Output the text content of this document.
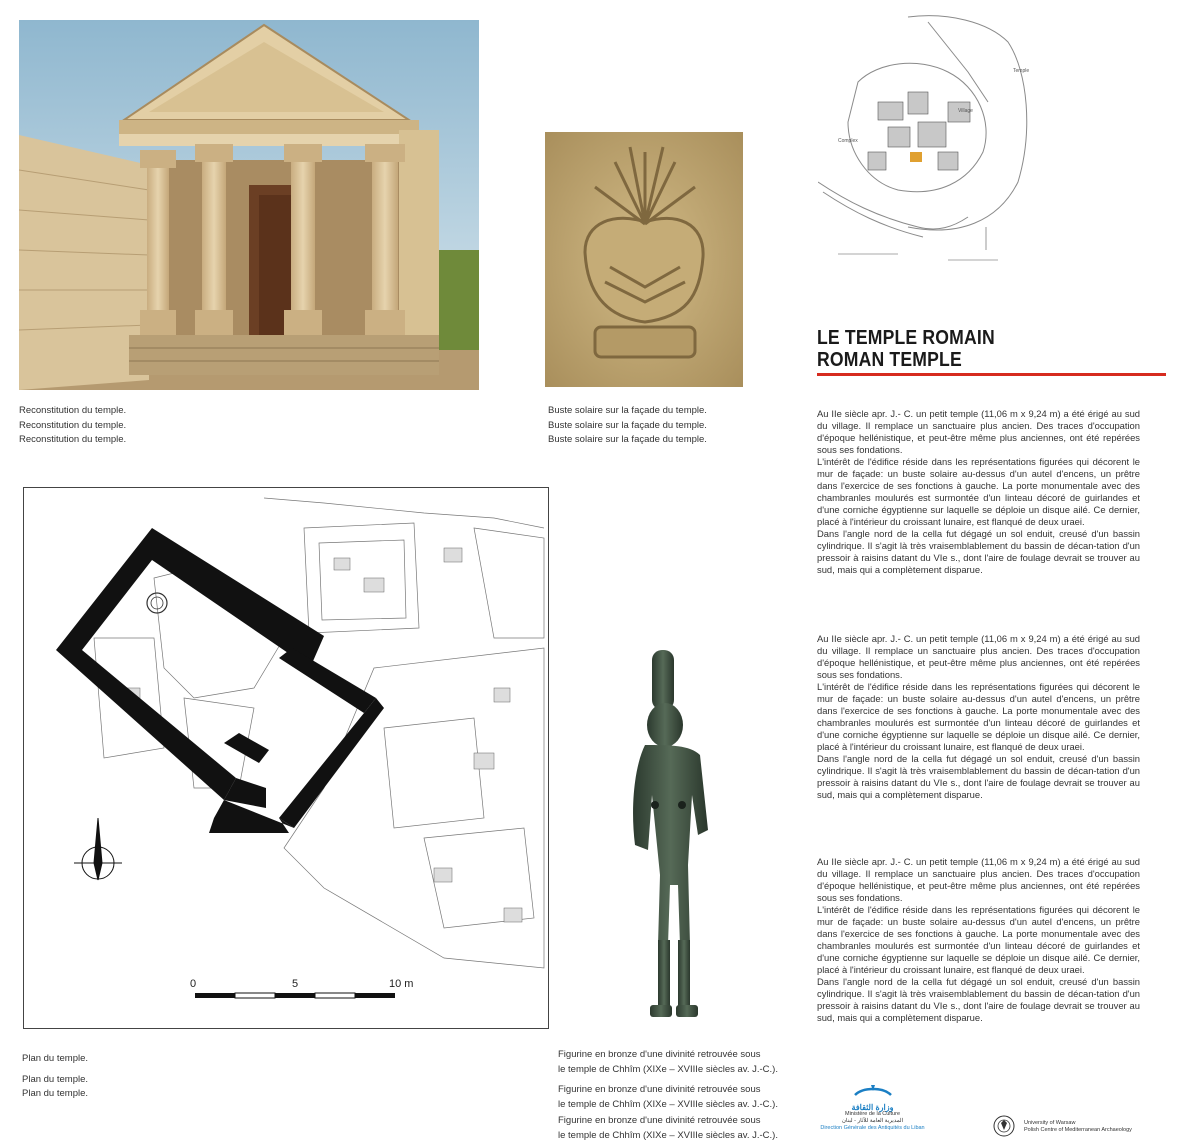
Reconstitution du temple.
Reconstitution du temple.
Reconstitution du temple.
Buste solaire sur la façade du temple.
Buste solaire sur la façade du temple.
Buste solaire sur la façade du temple.
Village
Complex
Temple
LE TEMPLE ROMAIN
ROMAN TEMPLE
Au IIe siècle apr. J.- C. un petit temple (11,06 m x 9,24 m) a été érigé au sud du village. Il remplace un sanctuaire plus ancien. Des traces d'occupation d'époque hellénistique, et peut-être même plus anciennes, ont été repérées sous ses fondations.
L'intérêt de l'édifice réside dans les représentations figurées qui décorent le mur de façade: un buste solaire au-dessus d'un autel d'encens, un prêtre dans l'exercice de ses fonctions à gauche. La porte monumentale avec des chambranles moulurés est surmontée d'un linteau décoré de guirlandes et d'une corniche égyptienne sur laquelle se déploie un disque ailé. Ce dernier, placé à l'intérieur du croissant lunaire, est flanqué de deux uraei.
Dans l'angle nord de la cella fut dégagé un sol enduit, creusé d'un bassin cylindrique. Il s'agit là très vraisemblablement du bassin de décan-tation d'un pressoir à raisins datant du VIe s., dont l'aire de foulage devrait se trouver au sud, mais qui a complètement disparue.
Au IIe siècle apr. J.- C. un petit temple (11,06 m x 9,24 m) a été érigé au sud du village. Il remplace un sanctuaire plus ancien. Des traces d'occupation d'époque hellénistique, et peut-être même plus anciennes, ont été repérées sous ses fondations.
L'intérêt de l'édifice réside dans les représentations figurées qui décorent le mur de façade: un buste solaire au-dessus d'un autel d'encens, un prêtre dans l'exercice de ses fonctions à gauche. La porte monumentale avec des chambranles moulurés est surmontée d'un linteau décoré de guirlandes et d'une corniche égyptienne sur laquelle se déploie un disque ailé. Ce dernier, placé à l'intérieur du croissant lunaire, est flanqué de deux uraei.
Dans l'angle nord de la cella fut dégagé un sol enduit, creusé d'un bassin cylindrique. Il s'agit là très vraisemblablement du bassin de décan-tation d'un pressoir à raisins datant du VIe s., dont l'aire de foulage devrait se trouver au sud, mais qui a complètement disparue.
Au IIe siècle apr. J.- C. un petit temple (11,06 m x 9,24 m) a été érigé au sud du village. Il remplace un sanctuaire plus ancien. Des traces d'occupation d'époque hellénistique, et peut-être même plus anciennes, ont été repérées sous ses fondations.
L'intérêt de l'édifice réside dans les représentations figurées qui décorent le mur de façade: un buste solaire au-dessus d'un autel d'encens, un prêtre dans l'exercice de ses fonctions à gauche. La porte monumentale avec des chambranles moulurés est surmontée d'un linteau décoré de guirlandes et d'une corniche égyptienne sur laquelle se déploie un disque ailé. Ce dernier, placé à l'intérieur du croissant lunaire, est flanqué de deux uraei.
Dans l'angle nord de la cella fut dégagé un sol enduit, creusé d'un bassin cylindrique. Il s'agit là très vraisemblablement du bassin de décan-tation d'un pressoir à raisins datant du VIe s., dont l'aire de foulage devrait se trouver au sud, mais qui a complètement disparue.
0	5	10 m
Plan du temple.
Plan du temple.
Plan du temple.
Figurine en bronze d'une divinité retrouvée sous
le temple de Chhîm (XIXe – XVIIIe siècles av. J.-C.).
Figurine en bronze d'une divinité retrouvée sous
le temple de Chhîm (XIXe – XVIIIe siècles av. J.-C.).
Figurine en bronze d'une divinité retrouvée sous
le temple de Chhîm (XIXe – XVIIIe siècles av. J.-C.).
وزارة الثقافة
Ministère de la Culture
المديرية العامة للآثار - لبنان
Direction Générale des Antiquités du Liban
University of Warsaw
Polish Centre of Mediterranean Archaeology
